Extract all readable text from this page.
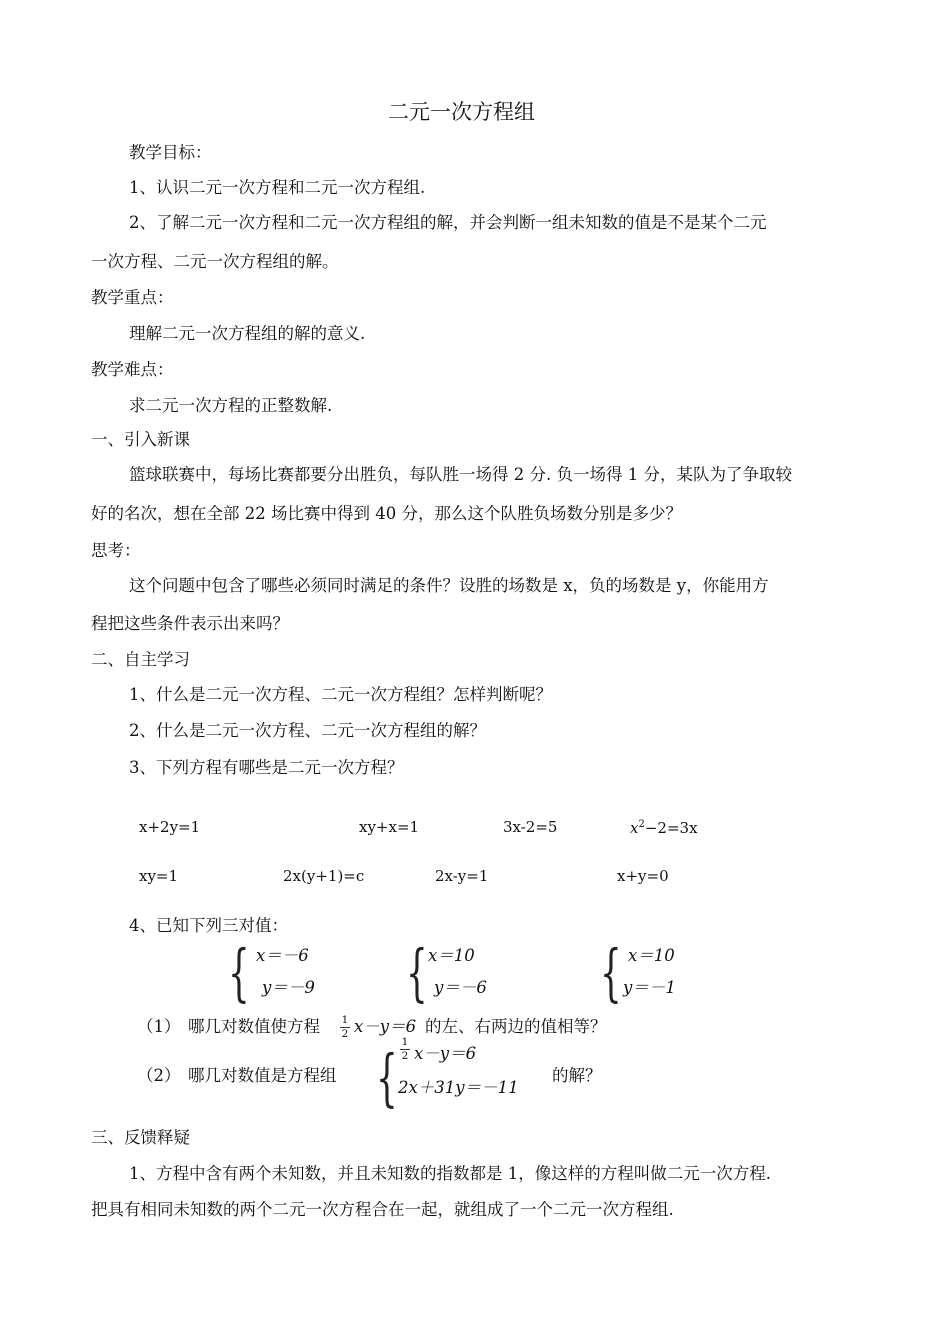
二元一次方程组
教学目标：
1、认识二元一次方程和二元一次方程组.
2、了解二元一次方程和二元一次方程组的解，并会判断一组未知数的值是不是某个二元
一次方程、二元一次方程组的解。
教学重点：
理解二元一次方程组的解的意义.
教学难点：
求二元一次方程的正整数解.
一、引入新课
篮球联赛中，每场比赛都要分出胜负，每队胜一场得 2 分. 负一场得 1 分，某队为了争取较
好的名次，想在全部 22 场比赛中得到 40 分，那么这个队胜负场数分别是多少？
思考：
这个问题中包含了哪些必须同时满足的条件？设胜的场数是 x，负的场数是 y，你能用方
程把这些条件表示出来吗？
二、自主学习
1、什么是二元一次方程、二元一次方程组？怎样判断呢？
2、什么是二元一次方程、二元一次方程组的解？
3、下列方程有哪些是二元一次方程？
x+2y=1	xy+x=1	3x-2=5	$x^2-2=3x$
xy=1	2x(y+1)=c	2x-y=1	x+y=0
4、已知下列三对值：
{ x＝－6
y＝－9 { x＝10
y＝－6 { x＝10
y＝－1
（1） 哪几对数值使方程 1
2 x－y＝6 的左、右两边的值相等？
（2） 哪几对数值是方程组 { 1
2 x－y＝6
2x＋31y＝－11
的解？
三、反馈释疑
1、方程中含有两个未知数，并且未知数的指数都是 1，像这样的方程叫做二元一次方程.
把具有相同未知数的两个二元一次方程合在一起，就组成了一个二元一次方程组.
